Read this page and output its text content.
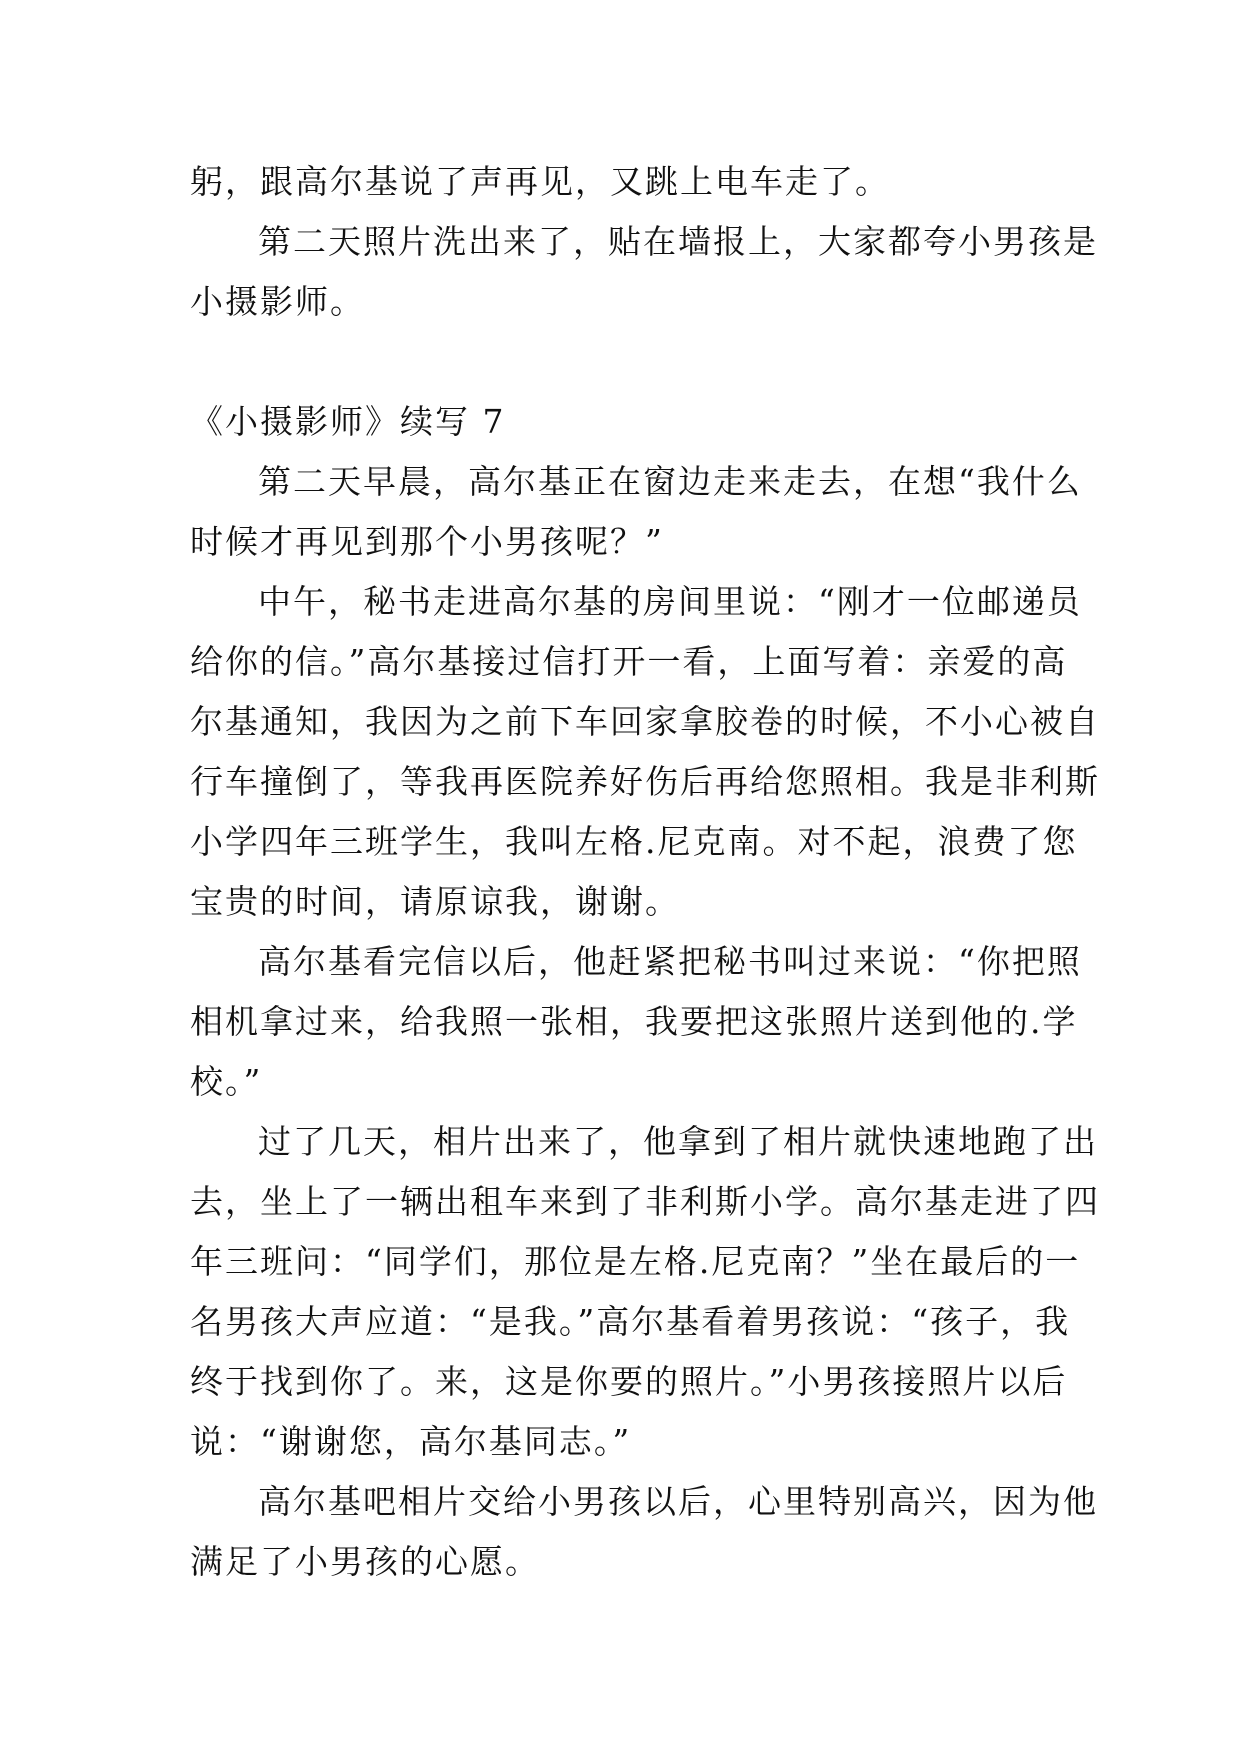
躬，跟高尔基说了声再见，又跳上电车走了。

第二天照片洗出来了，贴在墙报上，大家都夸小男孩是

小摄影师。

《小摄影师》续写 7

第二天早晨，高尔基正在窗边走来走去，在想“我什么

时候才再见到那个小男孩呢？”

中午，秘书走进高尔基的房间里说：“刚才一位邮递员

给你的信。”高尔基接过信打开一看，上面写着：亲爱的高

尔基通知，我因为之前下车回家拿胶卷的时候，不小心被自

行车撞倒了，等我再医院养好伤后再给您照相。我是非利斯

小学四年三班学生，我叫左格.尼克南。对不起，浪费了您

宝贵的时间，请原谅我，谢谢。

高尔基看完信以后，他赶紧把秘书叫过来说：“你把照

相机拿过来，给我照一张相，我要把这张照片送到他的.学

校。”

过了几天，相片出来了，他拿到了相片就快速地跑了出

去，坐上了一辆出租车来到了非利斯小学。高尔基走进了四

年三班问：“同学们，那位是左格.尼克南？”坐在最后的一

名男孩大声应道：“是我。”高尔基看着男孩说：“孩子，我

终于找到你了。来，这是你要的照片。”小男孩接照片以后

说：“谢谢您，高尔基同志。”

高尔基吧相片交给小男孩以后，心里特别高兴，因为他

满足了小男孩的心愿。
